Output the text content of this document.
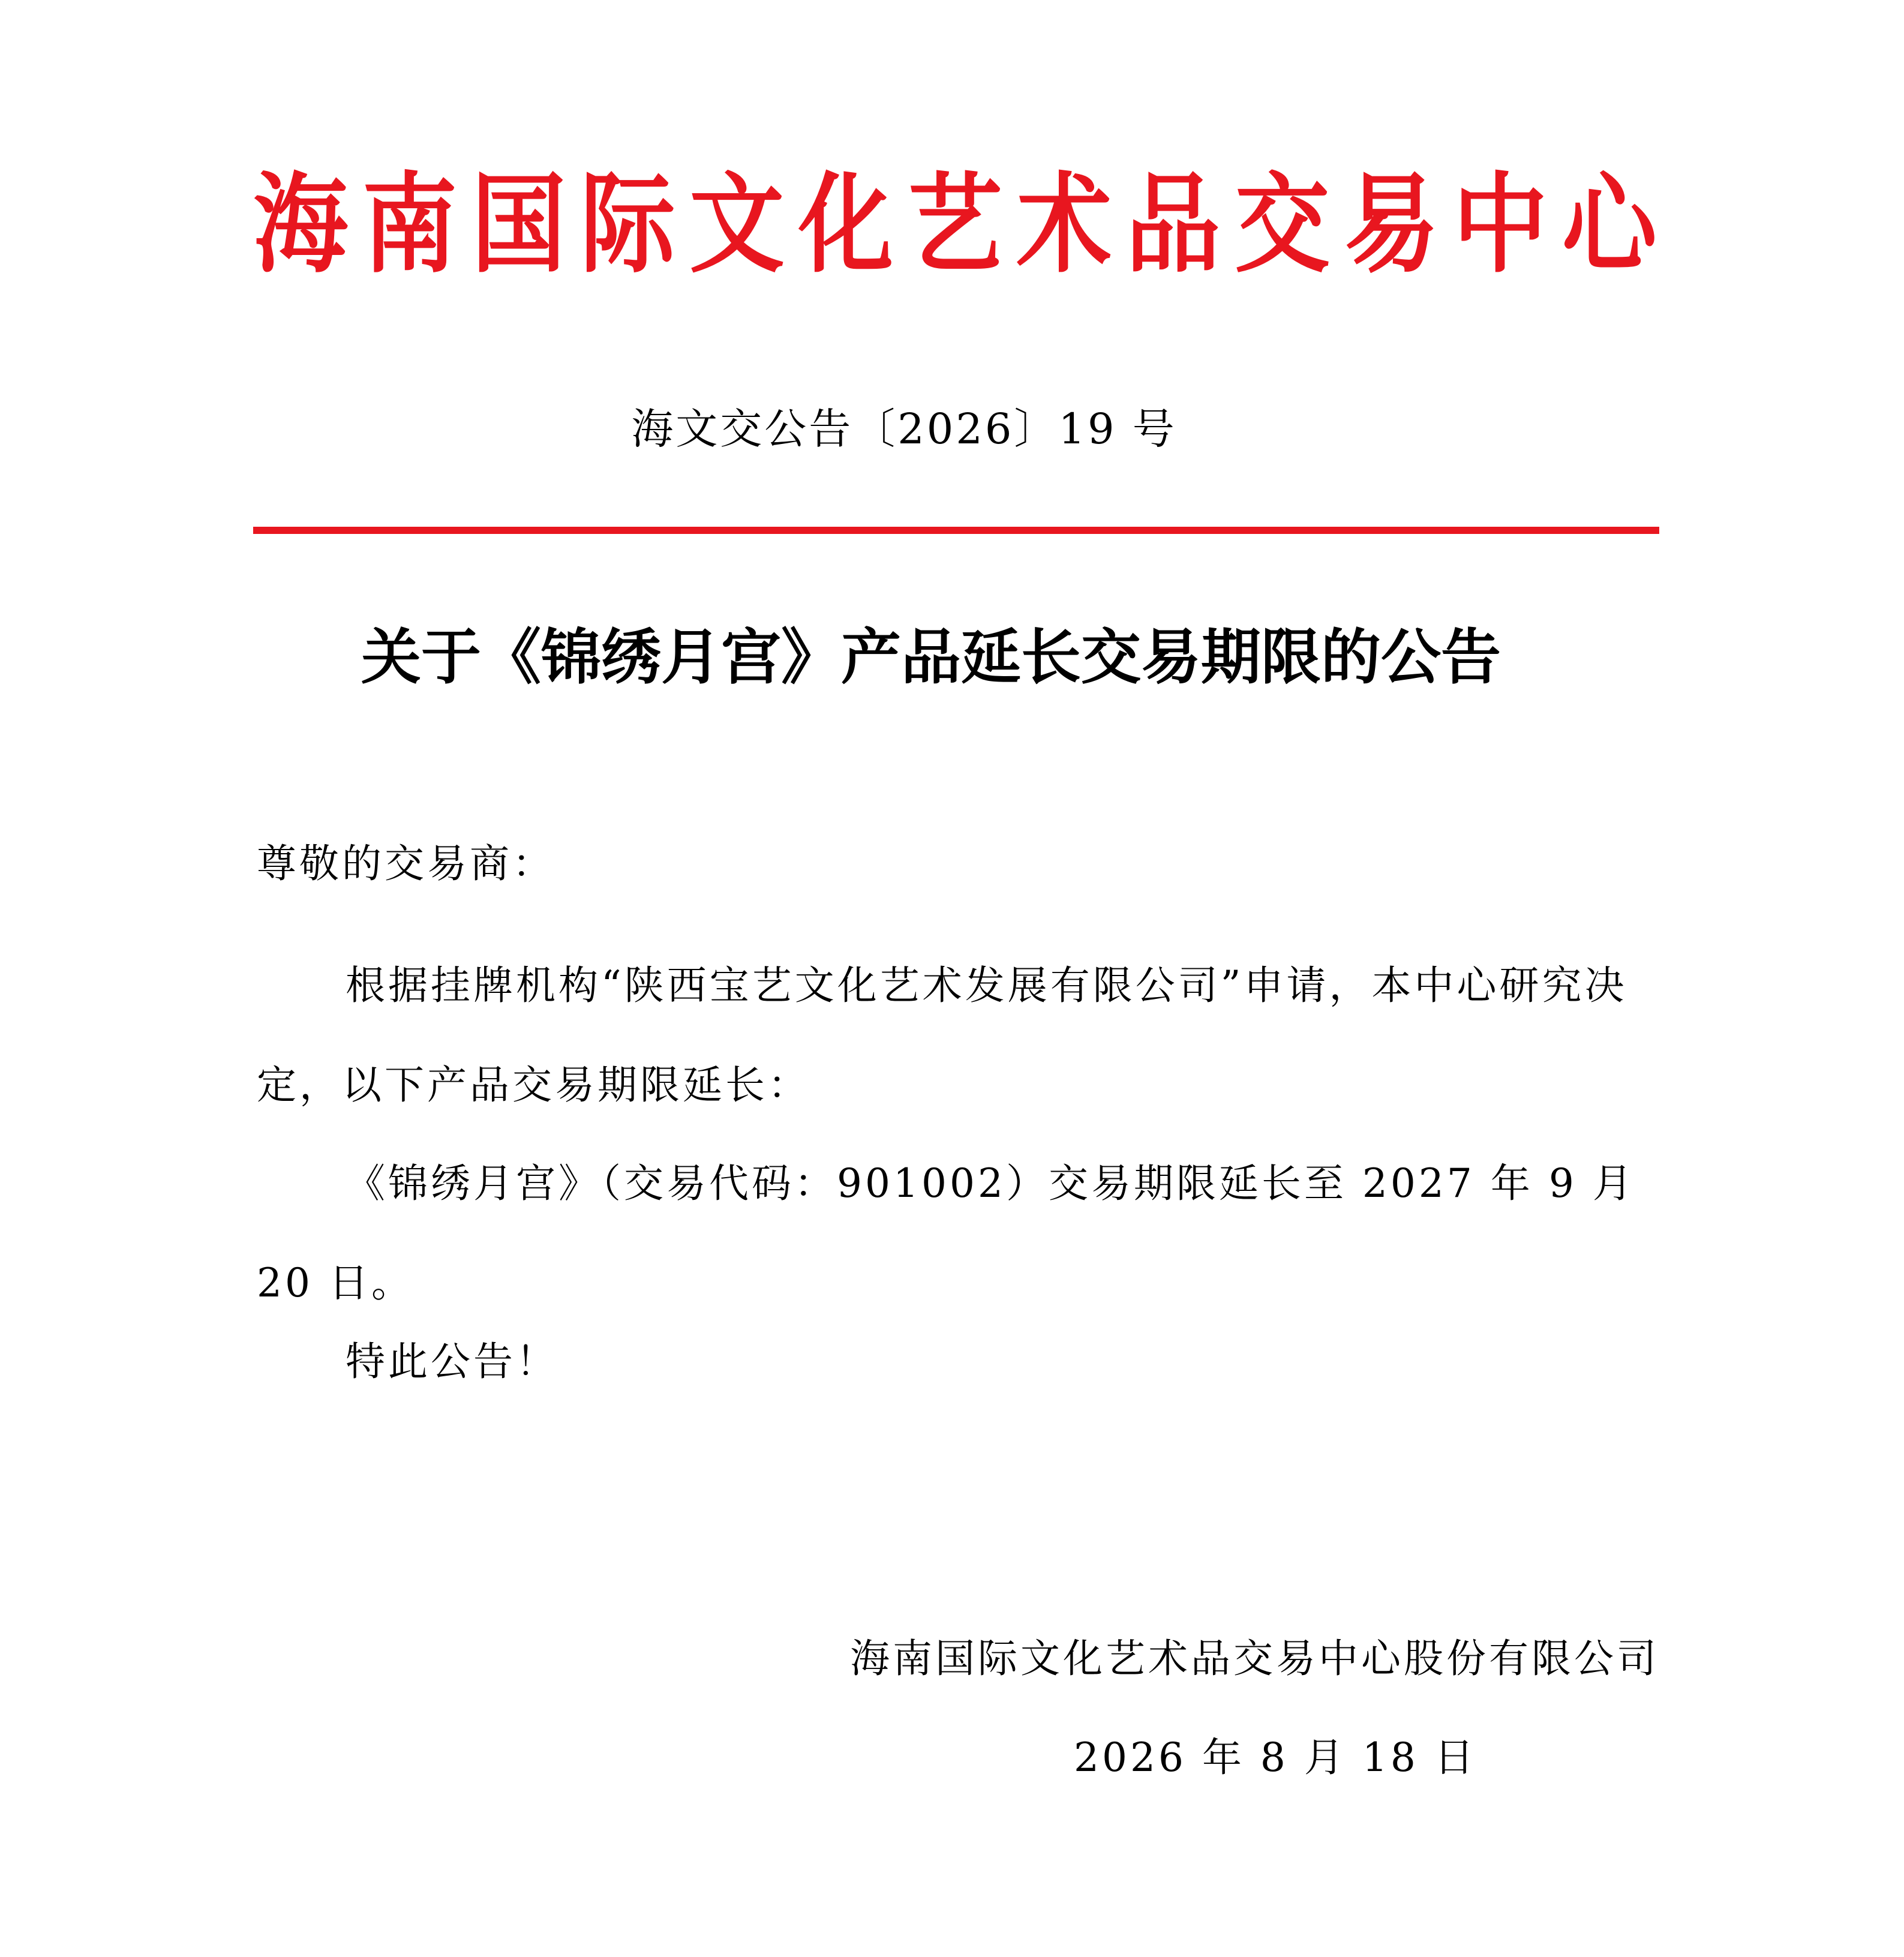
海 南 国 际 文 化 艺 术 品 交 易 中 心
海文交公告〔2026〕19 号
关于《锦绣月宫》产品延长交易期限的公告

尊敬的交易商：

根据挂牌机构“陕西宝艺文化艺术发展有限公司”申请，本中心研究决定，以下产品交易期限延长：

《锦绣月宫》（交易代码：901002）交易期限延长至 2027 年 9 月 20 日。

特此公告！

海南国际文化艺术品交易中心股份有限公司
2026 年 8 月 18 日
